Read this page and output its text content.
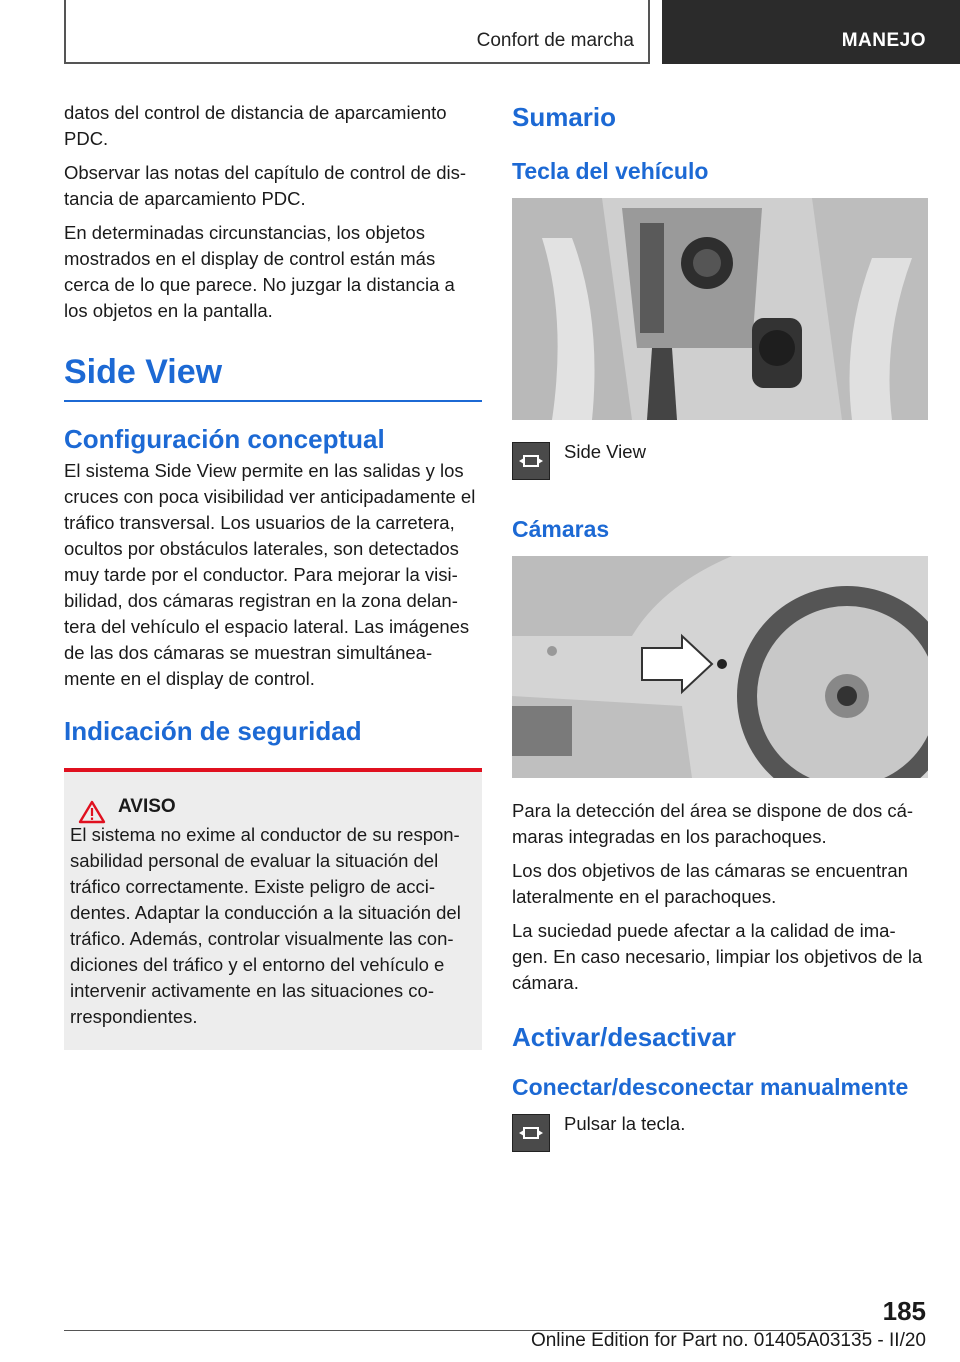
Confort de marcha	MANEJO

datos del control de distancia de aparcamiento PDC.

Observar las notas del capítulo de control de dis‐tancia de aparcamiento PDC.

En determinadas circunstancias, los objetos mostrados en el display de control están más cerca de lo que parece. No juzgar la distancia a los objetos en la pantalla.

Side View
Configuración conceptual

El sistema Side View permite en las salidas y los cruces con poca visibilidad ver anticipadamente el tráfico transversal. Los usuarios de la carretera, ocultos por obstáculos laterales, son detectados muy tarde por el conductor. Para mejorar la visi‐bilidad, dos cámaras registran en la zona delan‐tera del vehículo el espacio lateral. Las imágenes de las dos cámaras se muestran simultánea‐mente en el display de control.

Indicación de seguridad
AVISO

El sistema no exime al conductor de su respon‐sabilidad personal de evaluar la situación del tráfico correctamente. Existe peligro de acci‐dentes. Adaptar la conducción a la situación del tráfico. Además, controlar visualmente las con‐diciones del tráfico y el entorno del vehículo e intervenir activamente en las situaciones co‐rrespondientes.

Sumario
Tecla del vehículo
Side View
Cámaras

Para la detección del área se dispone de dos cá‐maras integradas en los parachoques.

Los dos objetivos de las cámaras se encuentran lateralmente en el parachoques.

La suciedad puede afectar a la calidad de ima‐gen. En caso necesario, limpiar los objetivos de la cámara.

Activar/desactivar
Conectar/desconectar manualmente
Pulsar la tecla.
185
Online Edition for Part no. 01405A03135 - II/20
